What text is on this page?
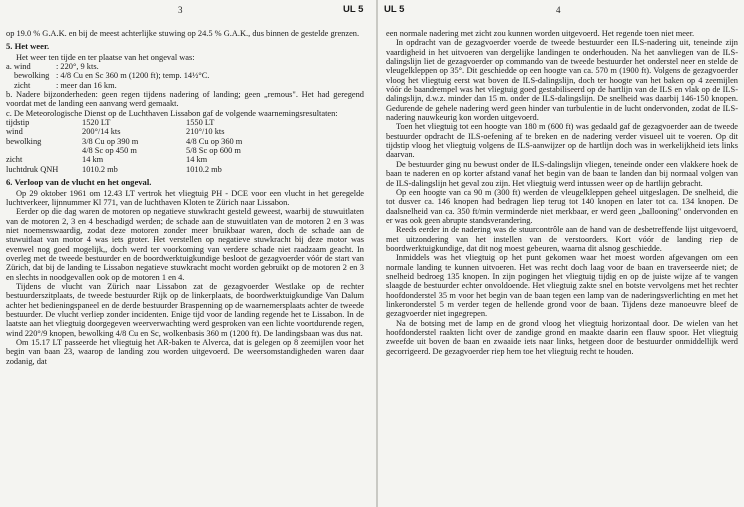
3	UL 5

op 19.0 % G.A.K. en bij de meest achterlijke stuwing op 24.5 % G.A.K., dus binnen de gestelde grenzen.

5. Het weer.

Het weer ten tijde en ter plaatse van het ongeval was:

a. wind	: 220°, 9 kts.
bewolking	: 4/8 Cu en Sc 360 m (1200 ft); temp. 14½°C.
zicht	: meer dan 16 km.

b. Nadere bijzonderheden: geen regen tijdens nadering of landing; geen „remous". Het had geregend voordat met de landing een aanvang werd gemaakt.

c. De Meteorologische Dienst op de Luchthaven Lissabon gaf de volgende waarnemingsresultaten:

tijdstip	1520 LT	1550 LT
wind	200°/14 kts	210°/10 kts
bewolking	3/8 Cu op 390 m	4/8 Cu op 360 m
	4/8 Sc op 450 m	5/8 Sc op 600 m
zicht	14 km	14 km
luchtdruk QNH	1010.2 mb	1010.2 mb
6. Verloop van de vlucht en het ongeval.

Op 29 oktober 1961 om 12.43 LT vertrok het vliegtuig PH - DCE voor een vlucht in het geregelde luchtverkeer, lijnnummer Kl 771, van de luchthaven Kloten te Zürich naar Lissabon.

Eerder op die dag waren de motoren op negatieve stuwkracht gesteld geweest, waarbij de stuwuitlaten van de motoren 2, 3 en 4 beschadigd werden; de schade aan de stuwuitlaten van de motoren 2 en 3 was niet noemenswaardig, zodat deze motoren zonder meer bruikbaar waren, doch de schade aan de stuwuitlaat van motor 4 was iets groter. Het verstellen op negatieve stuwkracht bij deze motor was evenwel nog goed mogelijk,, doch werd ter voorkoming van verdere schade niet raadzaam geacht. In overleg met de tweede bestuurder en de boordwerktuigkundige besloot de gezagvoerder vóór de start van Zürich, dat bij de landing te Lissabon negatieve stuwkracht mocht worden gebruikt op de motoren 2 en 3 en slechts in noodgevallen ook op de motoren 1 en 4.

Tijdens de vlucht van Zürich naar Lissabon zat de gezagvoerder Westlake op de rechter bestuurderszitplaats, de tweede bestuurder Rijk op de linkerplaats, de boordwerktuigkundige Van Dalum achter het bedieningspaneel en de derde bestuurder Braspenning op de waarnemersplaats achter de tweede bestuurder. De vlucht verliep zonder incidenten. Enige tijd voor de landing regende het te Lissabon. In de laatste aan het vliegtuig doorgegeven weerverwachting werd gesproken van een lichte voortdurende regen, wind 220°/9 knopen, bewolking 4/8 Cu en Sc, wolkenbasis 360 m (1200 ft). De landingsbaan was dus nat.

Om 15.17 LT passeerde het vliegtuig het AR-baken te Alverca, dat is gelegen op 8 zeemijlen voor het begin van baan 23, waarop de landing zou worden uitgevoerd. De weersomstandigheden waren daar zodanig, dat

UL 5	4

een normale nadering met zicht zou kunnen worden uitgevoerd. Het regende toen niet meer.

In opdracht van de gezagvoerder voerde de tweede bestuurder een ILS-nadering uit, teneinde zijn vaardigheid in het uitvoeren van dergelijke landingen te onderhouden. Na het aanvliegen van de ILS-dalingslijn liet de gezagvoerder op commando van de tweede bestuurder het onderstel neer en stelde de vleugelkleppen op 35°. Dit geschiedde op een hoogte van ca. 570 m (1900 ft). Volgens de gezagvoerder vloog het vliegtuig eerst wat boven de ILS-dalingslijn, doch ter hoogte van het baken op 4 zeemijlen vóór de baandrempel was het vliegtuig goed gestabiliseerd op de hartlijn van de ILS en vlak op de ILS-dalingslijn, d.w.z. minder dan 15 m. onder de ILS-dalingslijn. De snelheid was daarbij 146-150 knopen. Gedurende de gehele nadering werd geen hinder van turbulentie in de lucht ondervonden, zodat de ILS-nadering nauwkeurig kon worden uitgevoerd.

Toen het vliegtuig tot een hoogte van 180 m (600 ft) was gedaald gaf de gezagvoerder aan de tweede bestuurder opdracht de ILS-oefening af te breken en de nadering verder visueel uit te voeren. Op dit tijdstip vloog het vliegtuig volgens de ILS-aanwijzer op de hartlijn doch was in werkelijkheid iets links daarvan.

De bestuurder ging nu bewust onder de ILS-dalingslijn vliegen, teneinde onder een vlakkere hoek de baan te naderen en op korter afstand vanaf het begin van de baan te landen dan bij normaal volgen van de ILS-dalingslijn het geval zou zijn. Het vliegtuig werd intussen weer op de hartlijn gebracht.

Op een hoogte van ca 90 m (300 ft) werden de vleugelkleppen geheel uitgeslagen. De snelheid, die tot dusver ca. 146 knopen had bedragen liep terug tot 140 knopen en later tot ca. 134 knopen. De daalsnelheid van ca. 350 ft/min verminderde niet merkbaar, er werd geen „ballooning" ondervonden en er was ook geen abrupte standsverandering.

Reeds eerder in de nadering was de stuurcontrôle aan de hand van de desbetreffende lijst uitgevoerd, met uitzondering van het instellen van de verstoorders. Kort vóór de landing riep de boordwerktuigkundige, dat dit nog moest gebeuren, waarna dit alsnog geschiedde.

Inmiddels was het vliegtuig op het punt gekomen waar het moest worden afgevangen om een normale landing te kunnen uitvoeren. Het was recht doch laag voor de baan en traverseerde niet; de snelheid bedroeg 135 knopen. In zijn pogingen het vliegtuig tijdig en op de juiste wijze af te vangen slaagde de bestuurder echter onvoldoende. Het vliegtuig zakte snel en botste vervolgens met het rechter hoofdonderstel 35 m voor het begin van de baan tegen een lamp van de naderingsverlichting en met het linkeronderstel 5 m verder tegen de hellende grond voor de baan. Tijdens deze manoeuvre bleef de gezagvoerder niet ingegrepen.

Na de botsing met de lamp en de grond vloog het vliegtuig horizontaal door. De wielen van het hoofdonderstel raakten licht over de zandige grond en maakte daarin een flauw spoor. Het vliegtuig zweefde uit boven de baan en zwaaide iets naar links, hetgeen door de bestuurder onmiddellijk werd gecorrigeerd. De gezagvoerder riep hem toe het vliegtuig recht te houden.
